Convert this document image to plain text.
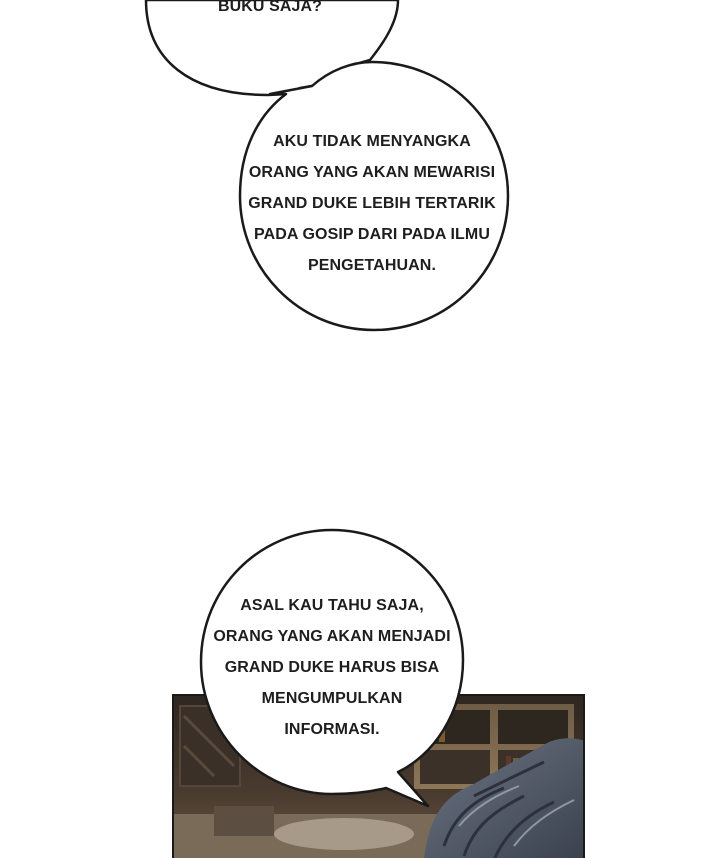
BUKU SAJA?
AKU TIDAK MENYANGKA
ORANG YANG AKAN MEWARISI
GRAND DUKE LEBIH TERTARIK
PADA GOSIP DARI PADA ILMU
PENGETAHUAN.
ASAL KAU TAHU SAJA,
ORANG YANG AKAN MENJADI
GRAND DUKE HARUS BISA
MENGUMPULKAN
INFORMASI.
